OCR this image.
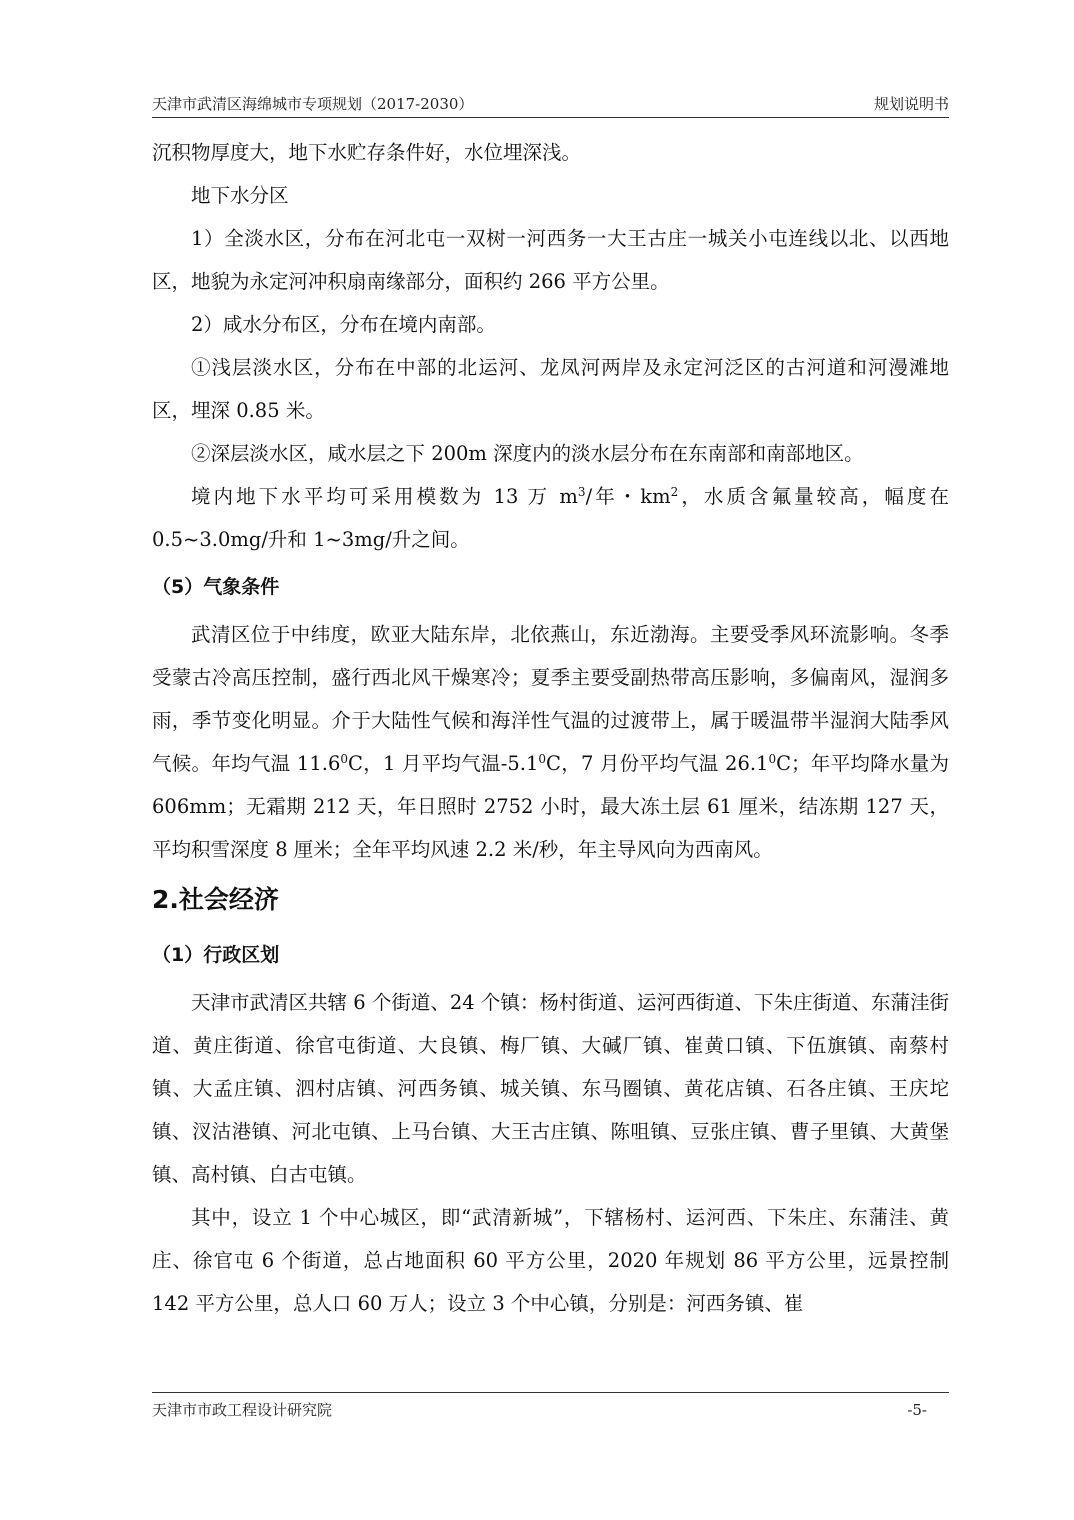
天津市武清区海绵城市专项规划（2017-2030）	规划说明书

沉积物厚度大，地下水贮存条件好，水位埋深浅。

地下水分区

1）全淡水区，分布在河北屯一双树一河西务一大王古庄一城关小屯连线以北、以西地区，地貌为永定河冲积扇南缘部分，面积约 266 平方公里。

2）咸水分布区，分布在境内南部。

①浅层淡水区，分布在中部的北运河、龙凤河两岸及永定河泛区的古河道和河漫滩地区，埋深 0.85 米。

②深层淡水区，咸水层之下 200m 深度内的淡水层分布在东南部和南部地区。

境内地下水平均可采用模数为 13 万 $m^3/$年・$km^2$，水质含氟量较高，幅度在 0.5~3.0mg/升和 1~3mg/升之间。

（5）气象条件

武清区位于中纬度，欧亚大陆东岸，北依燕山，东近渤海。主要受季风环流影响。冬季受蒙古冷高压控制，盛行西北风干燥寒冷；夏季主要受副热带高压影响，多偏南风，湿润多雨，季节变化明显。介于大陆性气候和海洋性气温的过渡带上，属于暖温带半湿润大陆季风气候。年均气温 11.6$^0$C，1 月平均气温$-5.1^0C$，7 月份平均气温 26.1$^0$C；年平均降水量为 606mm；无霜期 212 天，年日照时 2752 小时，最大冻土层 61 厘米，结冻期 127 天，平均积雪深度 8 厘米；全年平均风速 2.2 米/秒，年主导风向为西南风。

2.社会经济

（1）行政区划

天津市武清区共辖 6 个街道、24 个镇：杨村街道、运河西街道、下朱庄街道、东蒲洼街道、黄庄街道、徐官屯街道、大良镇、梅厂镇、大碱厂镇、崔黄口镇、下伍旗镇、南蔡村镇、大孟庄镇、泗村店镇、河西务镇、城关镇、东马圈镇、黄花店镇、石各庄镇、王庆坨镇、汊沽港镇、河北屯镇、上马台镇、大王古庄镇、陈咀镇、豆张庄镇、曹子里镇、大黄堡镇、高村镇、白古屯镇。

其中，设立 1 个中心城区，即“武清新城”，下辖杨村、运河西、下朱庄、东蒲洼、黄庄、徐官屯 6 个街道，总占地面积 60 平方公里，2020 年规划 86 平方公里，远景控制 142 平方公里，总人口 60 万人；设立 3 个中心镇，分别是：河西务镇、崔

天津市市政工程设计研究院	-5-
